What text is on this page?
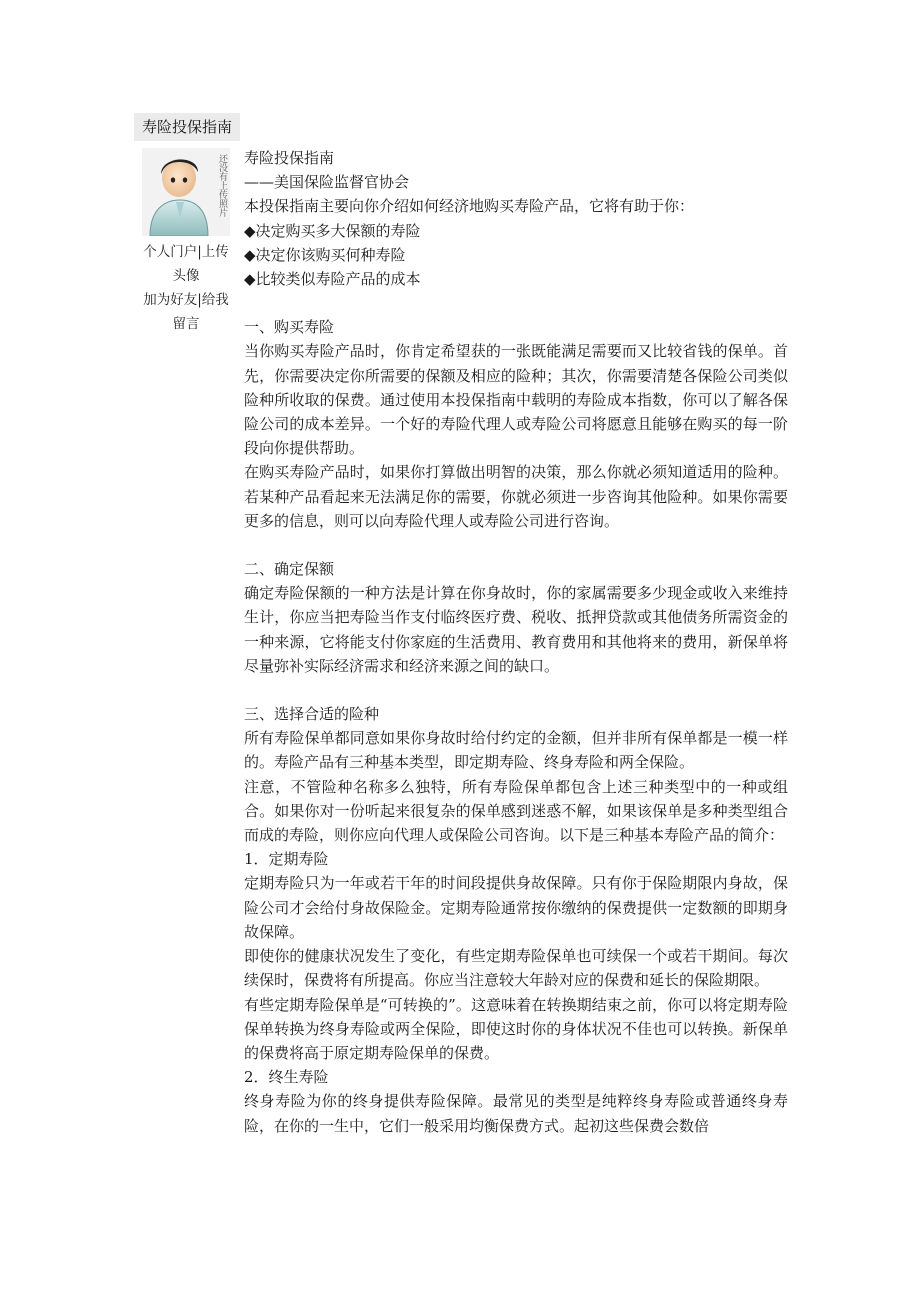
寿险投保指南
还没有上传照片
个人门户|上传头像
加为好友|给我留言

寿险投保指南

——美国保险监督官协会

本投保指南主要向你介绍如何经济地购买寿险产品，它将有助于你：

◆决定购买多大保额的寿险

◆决定你该购买何种寿险

◆比较类似寿险产品的成本

一、购买寿险

当你购买寿险产品时，你肯定希望获的一张既能满足需要而又比较省钱的保单。首先，你需要决定你所需要的保额及相应的险种；其次，你需要清楚各保险公司类似险种所收取的保费。通过使用本投保指南中载明的寿险成本指数，你可以了解各保险公司的成本差异。一个好的寿险代理人或寿险公司将愿意且能够在购买的每一阶段向你提供帮助。

在购买寿险产品时，如果你打算做出明智的决策，那么你就必须知道适用的险种。若某种产品看起来无法满足你的需要，你就必须进一步咨询其他险种。如果你需要更多的信息，则可以向寿险代理人或寿险公司进行咨询。

二、确定保额

确定寿险保额的一种方法是计算在你身故时，你的家属需要多少现金或收入来维持生计，你应当把寿险当作支付临终医疗费、税收、抵押贷款或其他债务所需资金的一种来源，它将能支付你家庭的生活费用、教育费用和其他将来的费用，新保单将尽量弥补实际经济需求和经济来源之间的缺口。

三、选择合适的险种

所有寿险保单都同意如果你身故时给付约定的金额，但并非所有保单都是一模一样的。寿险产品有三种基本类型，即定期寿险、终身寿险和两全保险。

注意，不管险种名称多么独特，所有寿险保单都包含上述三种类型中的一种或组合。如果你对一份听起来很复杂的保单感到迷惑不解，如果该保单是多种类型组合而成的寿险，则你应向代理人或保险公司咨询。以下是三种基本寿险产品的简介：

1．定期寿险

定期寿险只为一年或若干年的时间段提供身故保障。只有你于保险期限内身故，保险公司才会给付身故保险金。定期寿险通常按你缴纳的保费提供一定数额的即期身故保障。

即使你的健康状况发生了变化，有些定期寿险保单也可续保一个或若干期间。每次续保时，保费将有所提高。你应当注意较大年龄对应的保费和延长的保险期限。

有些定期寿险保单是“可转换的”。这意味着在转换期结束之前，你可以将定期寿险保单转换为终身寿险或两全保险，即使这时你的身体状况不佳也可以转换。新保单的保费将高于原定期寿险保单的保费。

2．终生寿险

终身寿险为你的终身提供寿险保障。最常见的类型是纯粹终身寿险或普通终身寿险，在你的一生中，它们一般采用均衡保费方式。起初这些保费会数倍
